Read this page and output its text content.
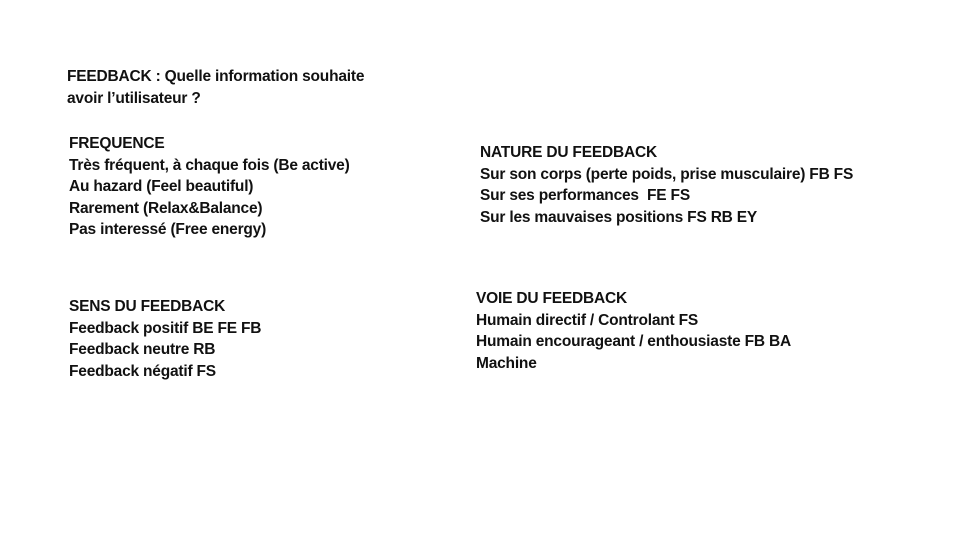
FEEDBACK : Quelle information souhaite
avoir l’utilisateur ?
FREQUENCE
Très fréquent, à chaque fois (Be active)
Au hazard (Feel beautiful)
Rarement (Relax&Balance)
Pas interessé (Free energy)
NATURE DU FEEDBACK
Sur son corps (perte poids, prise musculaire) FB FS
Sur ses performances  FE FS
Sur les mauvaises positions FS RB EY
SENS DU FEEDBACK
Feedback positif BE FE FB
Feedback neutre RB
Feedback négatif FS
VOIE DU FEEDBACK
Humain directif / Controlant FS
Humain encourageant / enthousiaste FB BA
Machine
